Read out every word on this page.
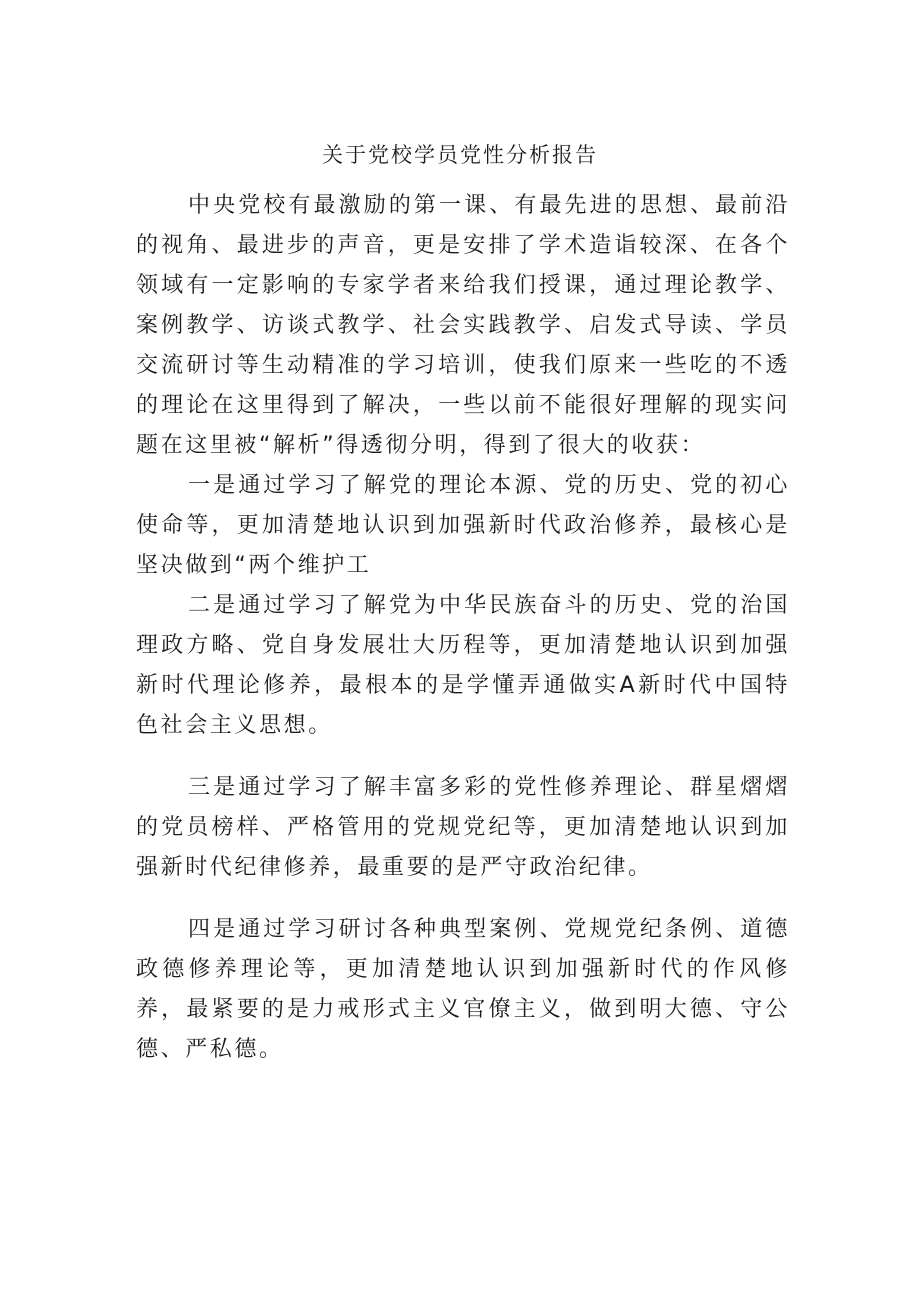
关于党校学员党性分析报告

中央党校有最激励的第一课、有最先进的思想、最前沿的视角、最进步的声音，更是安排了学术造诣较深、在各个领域有一定影响的专家学者来给我们授课，通过理论教学、案例教学、访谈式教学、社会实践教学、启发式导读、学员交流研讨等生动精准的学习培训，使我们原来一些吃的不透的理论在这里得到了解决，一些以前不能很好理解的现实问题在这里被“解析”得透彻分明，得到了很大的收获：

一是通过学习了解党的理论本源、党的历史、党的初心使命等，更加清楚地认识到加强新时代政治修养，最核心是坚决做到“两个维护工

二是通过学习了解党为中华民族奋斗的历史、党的治国理政方略、党自身发展壮大历程等，更加清楚地认识到加强新时代理论修养，最根本的是学懂弄通做实A新时代中国特色社会主义思想。

三是通过学习了解丰富多彩的党性修养理论、群星熠熠的党员榜样、严格管用的党规党纪等，更加清楚地认识到加强新时代纪律修养，最重要的是严守政治纪律。

四是通过学习研讨各种典型案例、党规党纪条例、道德政德修养理论等，更加清楚地认识到加强新时代的作风修养，最紧要的是力戒形式主义官僚主义，做到明大德、守公德、严私德。
